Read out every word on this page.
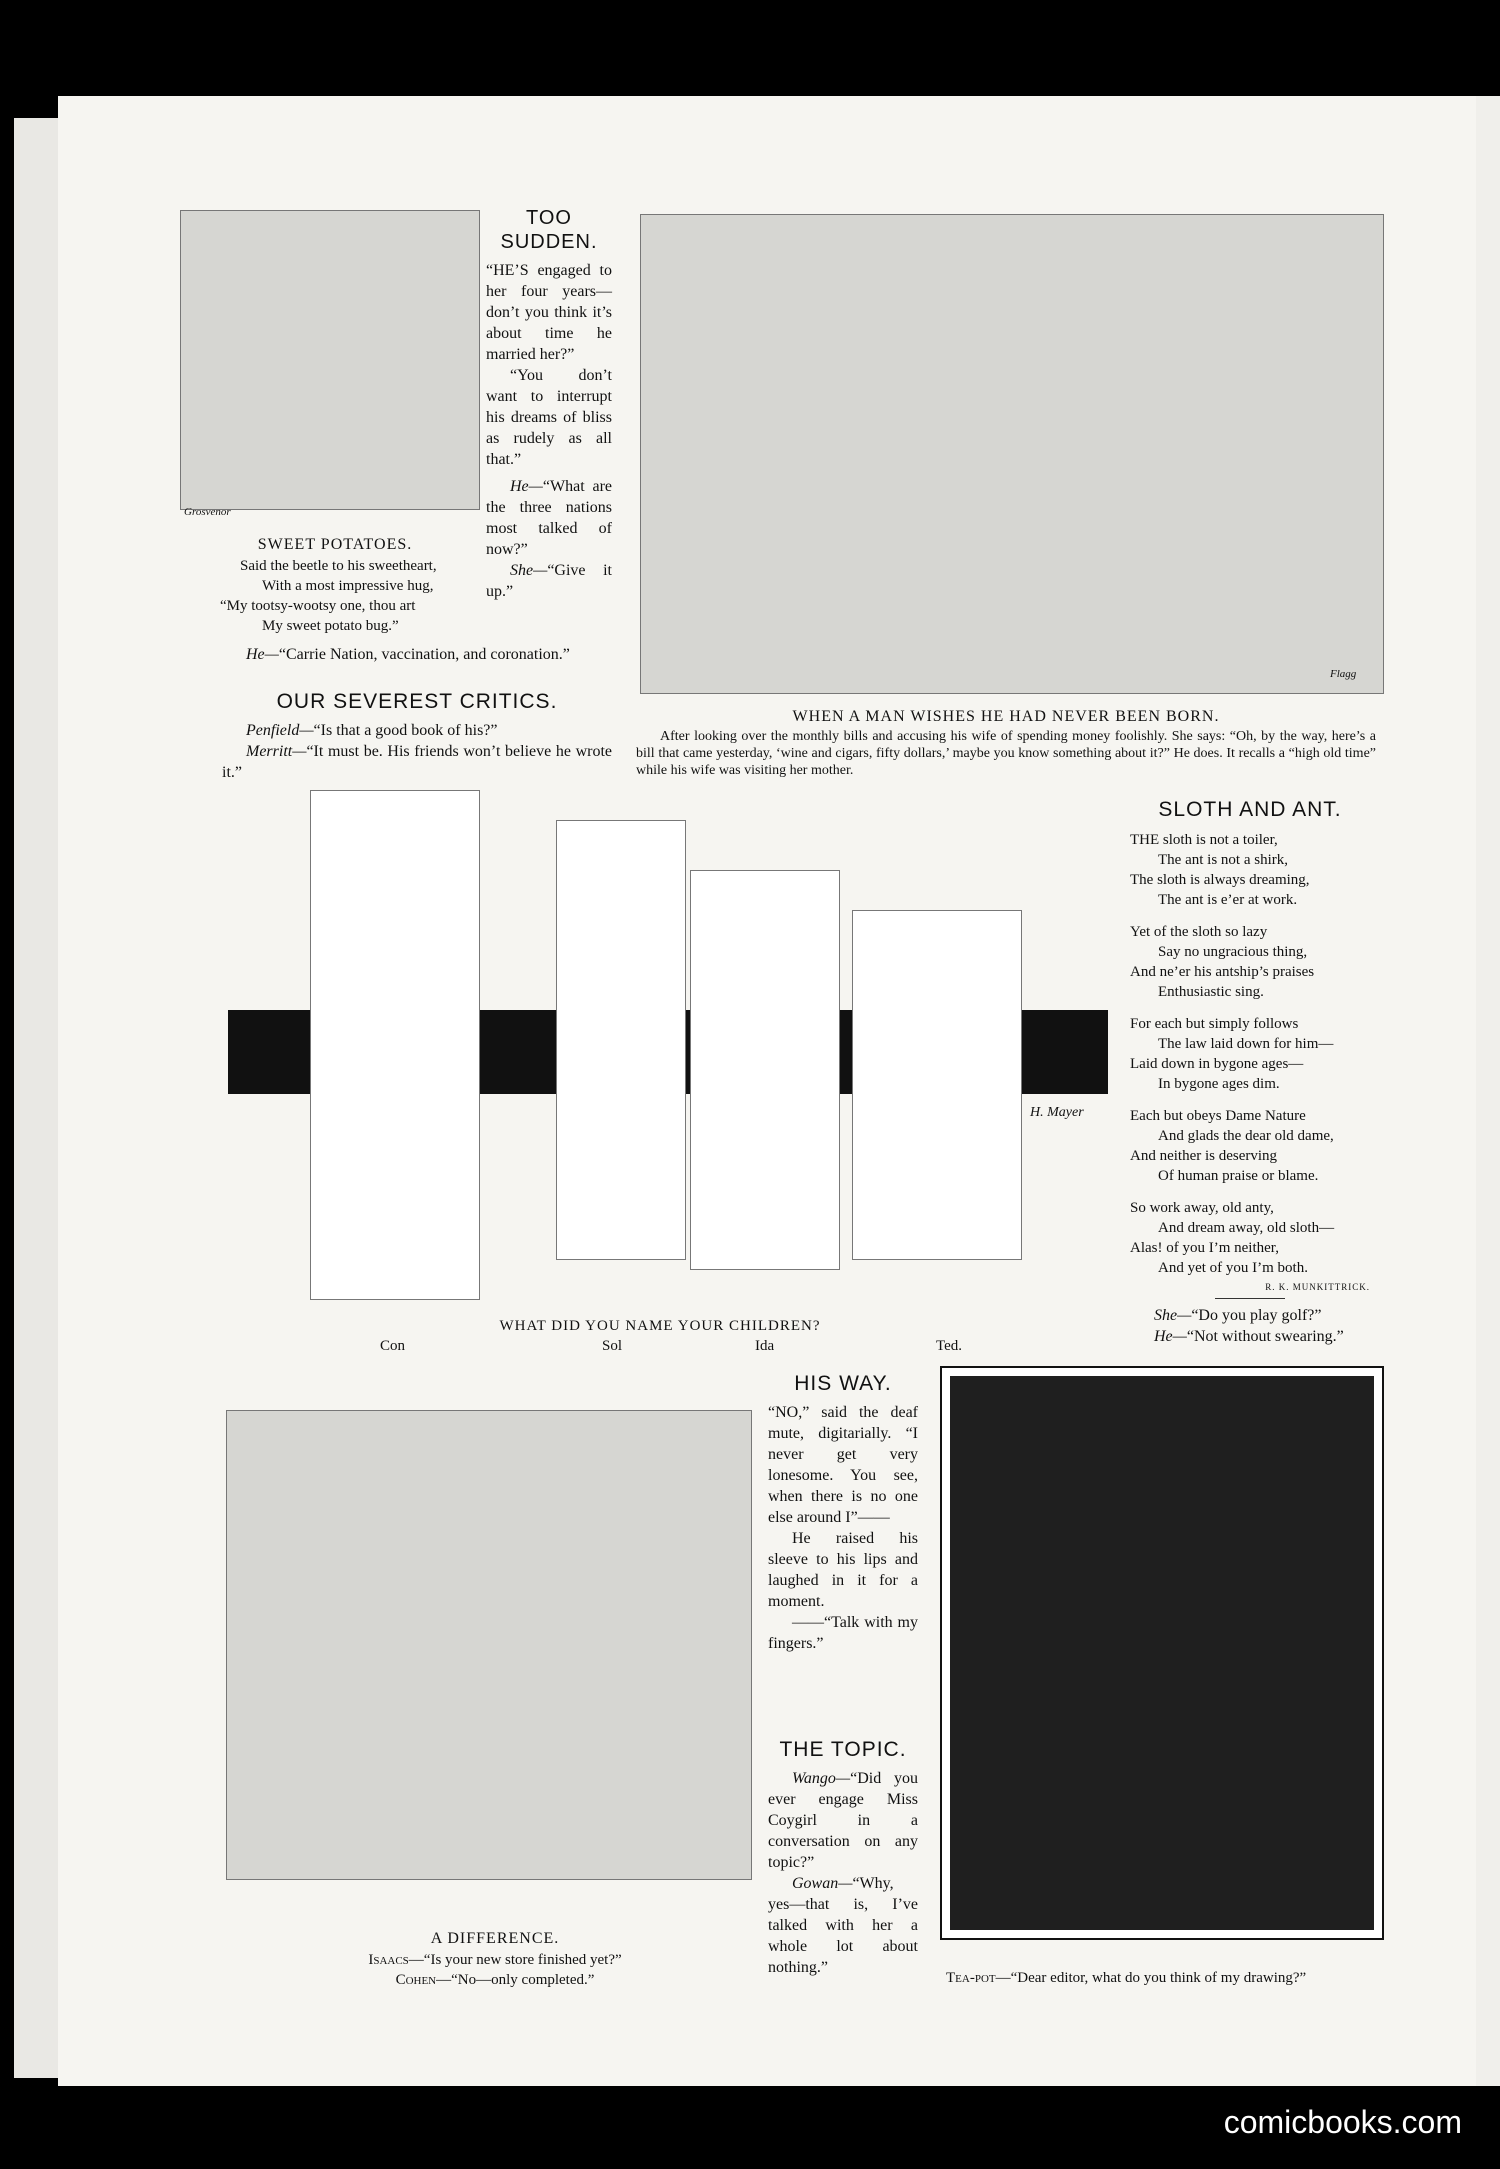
Grosvenor

SWEET POTATOES.

Said the beetle to his sweetheart,

With a most impressive hug,

“My tootsy-wootsy one, thou art

My sweet potato bug.”

TOO SUDDEN.

“HE’S engaged to her four years—don’t you think it’s about time he married her?”

“You don’t want to interrupt his dreams of bliss as rudely as all that.”

He—“What are the three nations most talked of now?”

She—“Give it up.”

He—“Carrie Nation, vaccination, and coronation.”

OUR SEVEREST CRITICS.

Penfield—“Is that a good book of his?”

Merritt—“It must be. His friends won’t believe he wrote it.”

Flagg

WHEN A MAN WISHES HE HAD NEVER BEEN BORN.

After looking over the monthly bills and accusing his wife of spending money foolishly. She says: “Oh, by the way, here’s a bill that came yesterday, ‘wine and cigars, fifty dollars,’ maybe you know something about it?” He does. It recalls a “high old time” while his wife was visiting her mother.

H. Mayer
WHAT DID YOU NAME YOUR CHILDREN?
Con	Sol	Ida	Ted.

SLOTH AND ANT.

THE sloth is not a toiler,
The ant is not a shirk,
The sloth is always dreaming,
The ant is e’er at work.
Yet of the sloth so lazy
Say no ungracious thing,
And ne’er his antship’s praises
Enthusiastic sing.
For each but simply follows
The law laid down for him—
Laid down in bygone ages—
In bygone ages dim.
Each but obeys Dame Nature
And glads the dear old dame,
And neither is deserving
Of human praise or blame.
So work away, old anty,
And dream away, old sloth—
Alas! of you I’m neither,
And yet of you I’m both.

R. K. MUNKITTRICK.

She—“Do you play golf?”

He—“Not without swearing.”

A DIFFERENCE.

Isaacs—“Is your new store finished yet?”

Cohen—“No—only completed.”

HIS WAY.

“NO,” said the deaf mute, digitarially. “I never get very lonesome. You see, when there is no one else around I”——

He raised his sleeve to his lips and laughed in it for a moment.

——“Talk with my fingers.”

THE TOPIC.

Wango—“Did you ever engage Miss Coygirl in a conversation on any topic?”

Gowan—“Why, yes—that is, I’ve talked with her a whole lot about nothing.”

Tea-pot—“Dear editor, what do you think of my drawing?”
comicbooks.com
